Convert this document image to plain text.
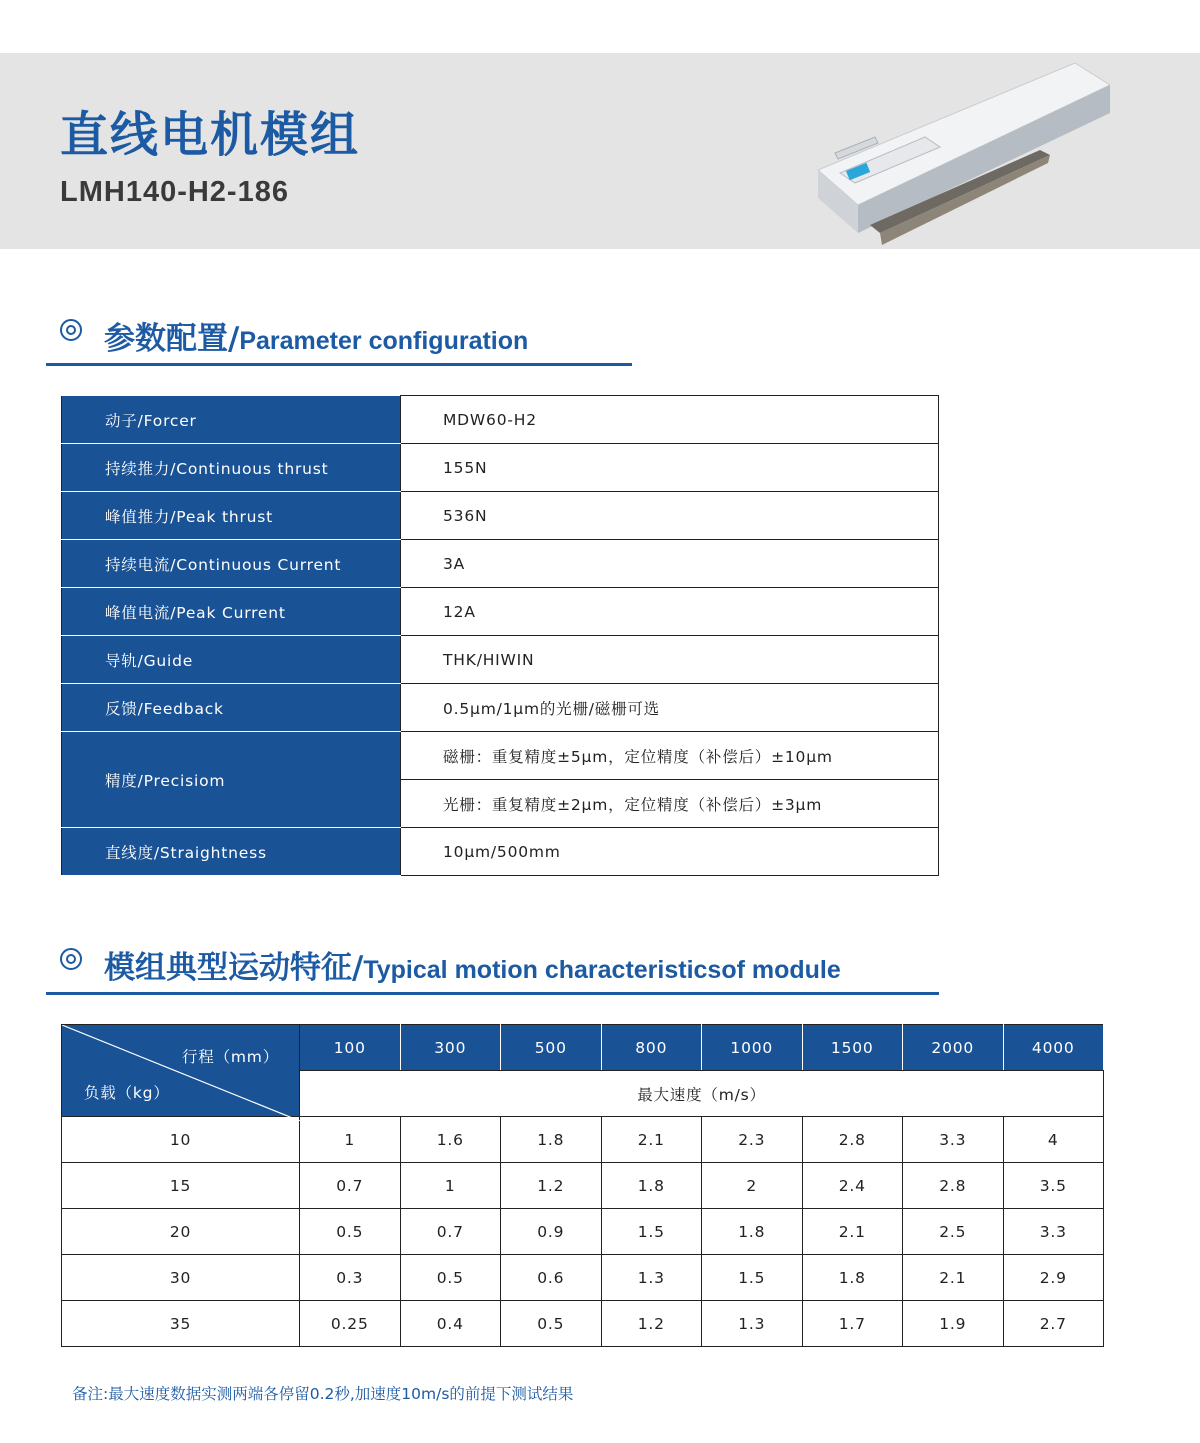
直线电机模组
LMH140-H2-186
参数配置/Parameter configuration
动子/Forcer	MDW60-H2
持续推力/Continuous thrust	155N
峰值推力/Peak thrust	536N
持续电流/Continuous Current	3A
峰值电流/Peak Current	12A
导轨/Guide	THK/HIWIN
反馈/Feedback	0.5μm/1μm的光栅/磁栅可选
精度/Precisiom	磁栅：重复精度±5μm，定位精度（补偿后）±10μm
	光栅：重复精度±2μm，定位精度（补偿后）±3μm
直线度/Straightness	10μm/500mm
模组典型运动特征/Typical motion characteristicsof module
行程（mm）
负载（kg）	100	300	500	800	1000	1500	2000	4000
	最大速度（m/s）							
10	1	1.6	1.8	2.1	2.3	2.8	3.3	4
15	0.7	1	1.2	1.8	2	2.4	2.8	3.5
20	0.5	0.7	0.9	1.5	1.8	2.1	2.5	3.3
30	0.3	0.5	0.6	1.3	1.5	1.8	2.1	2.9
35	0.25	0.4	0.5	1.2	1.3	1.7	1.9	2.7
备注:最大速度数据实测两端各停留0.2秒,加速度10m/s的前提下测试结果
